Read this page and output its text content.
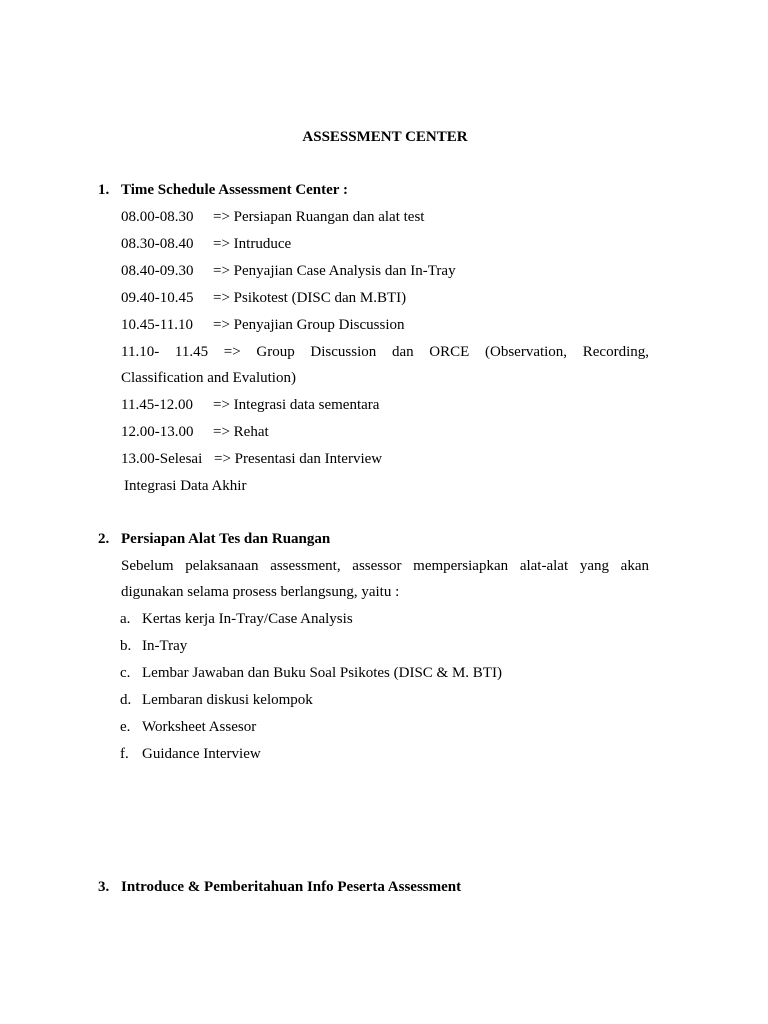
ASSESSMENT CENTER
1. Time Schedule Assessment Center :
08.00-08.30 => Persiapan Ruangan dan alat test
08.30-08.40 => Intruduce
08.40-09.30 => Penyajian Case Analysis dan In-Tray
09.40-10.45 => Psikotest (DISC dan M.BTI)
10.45-11.10 => Penyajian Group Discussion
11.10- 11.45 => Group Discussion dan ORCE (Observation, Recording,
Classification and Evalution)
11.45-12.00 => Integrasi data sementara
12.00-13.00 => Rehat
13.00-Selesai => Presentasi dan Interview
Integrasi Data Akhir
2. Persiapan Alat Tes dan Ruangan
Sebelum pelaksanaan assessment, assessor mempersiapkan alat-alat yang akan
digunakan selama prosess berlangsung, yaitu :
a. Kertas kerja In-Tray/Case Analysis
b. In-Tray
c. Lembar Jawaban dan Buku Soal Psikotes (DISC & M. BTI)
d. Lembaran diskusi kelompok
e. Worksheet Assesor
f. Guidance Interview
3. Introduce & Pemberitahuan Info Peserta Assessment
